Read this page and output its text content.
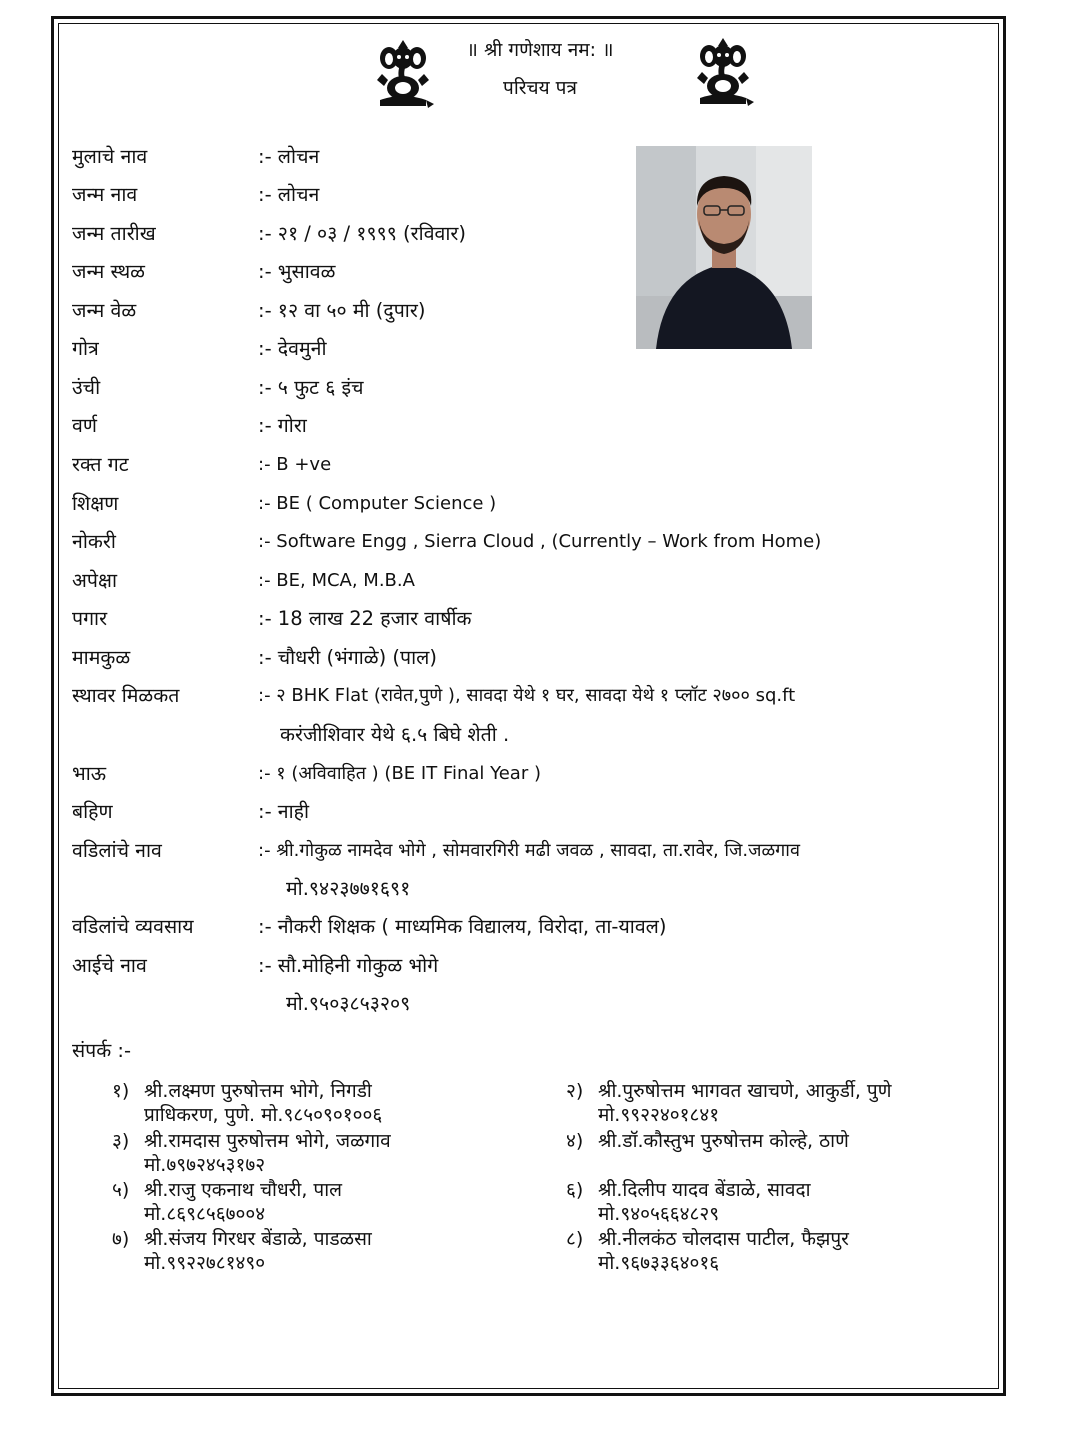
॥ श्री गणेशाय नम: ॥
परिचय पत्र
मुलाचे नाव	:- लोचन
जन्म नाव	:- लोचन
जन्म तारीख	:- २१ / ०३ / १९९९ (रविवार)
जन्म स्थळ	:- भुसावळ
जन्म वेळ	:- १२ वा ५० मी (दुपार)
गोत्र	:- देवमुनी
उंची	:- ५ फुट ६ इंच
वर्ण	:- गोरा
रक्त गट	:- B +ve
शिक्षण	:- BE ( Computer Science )
नोकरी	:- Software Engg , Sierra Cloud , (Currently – Work from Home)
अपेक्षा	:- BE, MCA, M.B.A
पगार	:- 18 लाख 22 हजार वार्षीक
मामकुळ	:- चौधरी (भंगाळे) (पाल)
स्थावर मिळकत	:- २ BHK Flat (रावेत,पुणे ), सावदा येथे १ घर, सावदा येथे १ प्लॉट २७०० sq.ft
करंजीशिवार येथे ६.५ बिघे शेती .
भाऊ	:- १ (अविवाहित ) (BE IT Final Year )
बहिण	:- नाही
वडिलांचे नाव	:- श्री.गोकुळ नामदेव भोगे , सोमवारगिरी मढी जवळ , सावदा, ता.रावेर, जि.जळगाव
मो.९४२३७७१६९१
वडिलांचे व्यवसाय	:- नौकरी शिक्षक ( माध्यमिक विद्यालय, विरोदा, ता-यावल)
आईचे नाव	:- सौ.मोहिनी गोकुळ भोगे
मो.९५०३८५३२०९
संपर्क :-
१) श्री.लक्ष्मण पुरुषोत्तम भोगे, निगडी
प्राधिकरण, पुणे. मो.९८५०९०१००६
२) श्री.पुरुषोत्तम भागवत खाचणे, आकुर्डी, पुणे
मो.९९२२४०१८४१
३) श्री.रामदास पुरुषोत्तम भोगे, जळगाव
मो.७९७२४५३१७२
४) श्री.डॉ.कौस्तुभ पुरुषोत्तम कोल्हे, ठाणे
५) श्री.राजु एकनाथ चौधरी, पाल
मो.८६९८५६७००४
६) श्री.दिलीप यादव बेंडाळे, सावदा
मो.९४०५६६४८२९
७) श्री.संजय गिरधर बेंडाळे, पाडळसा
मो.९९२२७८१४९०
८) श्री.नीलकंठ चोलदास पाटील, फैझपुर
मो.९६७३३६४०१६
